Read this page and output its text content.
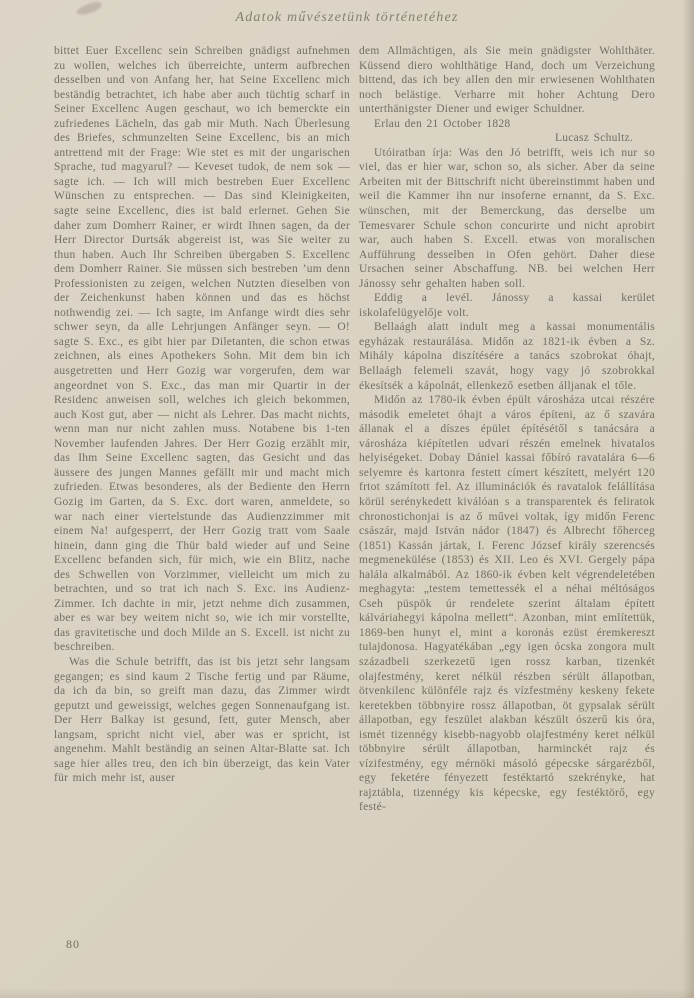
Adatok művészetünk történetéhez

bittet Euer Excellenc sein Schreiben gnädigst aufnehmen zu wollen, welches ich überreichte, unterm aufbrechen desselben und von Anfang her, hat Seine Excellenc mich beständig betrachtet, ich habe aber auch tüchtig scharf in Seiner Excellenc Augen geschaut, wo ich bemerckte ein zufriedenes Lächeln, das gab mir Muth. Nach Überlesung des Briefes, schmunzelten Seine Excellenc, bis an mich antrettend mit der Frage: Wie stet es mit der ungarischen Sprache, tud magyarul? — Keveset tudok, de nem sok — sagte ich. — Ich will mich bestreben Euer Excellenc Wünschen zu entsprechen. — Das sind Kleinigkeiten, sagte seine Excellenc, dies ist bald erlernet. Gehen Sie daher zum Domherr Rainer, er wirdt Ihnen sagen, da der Herr Director Durtsák abgereist ist, was Sie weiter zu thun haben. Auch Ihr Schreiben übergaben S. Excellenc dem Domherr Rainer. Sie müssen sich bestreben ’um denn Professionisten zu zeigen, welchen Nutzten dieselben von der Zeichenkunst haben können und das es höchst nothwendig zei. — Ich sagte, im Anfange wirdt dies sehr schwer seyn, da alle Lehrjungen Anfänger seyn. — O! sagte S. Exc., es gibt hier par Diletanten, die schon etwas zeichnen, als eines Apothekers Sohn. Mit dem bin ich ausgetretten und Herr Gozig war vorgerufen, dem war angeordnet von S. Exc., das man mir Quartir in der Residenc anweisen soll, welches ich gleich bekommen, auch Kost gut, aber — nicht als Lehrer. Das macht nichts, wenn man nur nicht zahlen muss. Notabene bis 1-ten November laufenden Jahres. Der Herr Gozig erzählt mir, das Ihm Seine Excellenc sagten, das Gesicht und das äussere des jungen Mannes gefällt mir und macht mich zufrieden. Etwas besonderes, als der Bediente den Herrn Gozig im Garten, da S. Exc. dort waren, anmeldete, so war nach einer viertelstunde das Audienzzimmer mit einem Na! aufgesperrt, der Herr Gozig tratt vom Saale hinein, dann ging die Thür bald wieder auf und Seine Excellenc befanden sich, für mich, wie ein Blitz, nache des Schwellen von Vorzimmer, vielleicht um mich zu betrachten, und so trat ich nach S. Exc. ins Audienz-Zimmer. Ich dachte in mir, jetzt nehme dich zusammen, aber es war bey weitem nicht so, wie ich mir vorstellte, das gravitetische und doch Milde an S. Excell. ist nicht zu beschreiben.

Was die Schule betrifft, das ist bis jetzt sehr langsam gegangen; es sind kaum 2 Tische fertig und par Räume, da ich da bin, so greift man dazu, das Zimmer wirdt geputzt und geweissigt, welches gegen Sonnenaufgang ist. Der Herr Balkay ist gesund, fett, guter Mensch, aber langsam, spricht nicht viel, aber was er spricht, ist angenehm. Mahlt beständig an seinen Altar-Blatte sat. Ich sage hier alles treu, den ich bin überzeigt, das kein Vater für mich mehr ist, auser

dem Allmächtigen, als Sie mein gnädigster Wohlthäter. Küssend diero wohlthätige Hand, doch um Verzeichung bittend, das ich bey allen den mir erwiesenen Wohlthaten noch belästige. Verharre mit hoher Achtung Dero unterthänigster Diener und ewiger Schuldner.

Erlau den 21 October 1828

Lucasz Schultz.

Utóiratban írja: Was den Jó betrifft, weis ich nur so viel, das er hier war, schon so, als sicher. Aber da seine Arbeiten mit der Bittschrift nicht übereinstimmt haben und weil die Kammer ihn nur insoferne ernannt, da S. Exc. wünschen, mit der Bemerckung, das derselbe um Temesvarer Schule schon concurirte und nicht aprobirt war, auch haben S. Excell. etwas von moralischen Aufführung desselben in Ofen gehört. Daher diese Ursachen seiner Abschaffung. NB. bei welchen Herr Jánossy sehr gehalten haben soll.

Eddig a levél. Jánossy a kassai kerület iskolafelügyelője volt.

Bellaágh alatt indult meg a kassai monumentális egyházak restaurálása. Midőn az 1821-ik évben a Sz. Mihály kápolna diszítésére a tanács szobrokat óhajt, Bellaágh felemeli szavát, hogy vagy jó szobrokkal ékesítsék a kápolnát, ellenkező esetben álljanak el tőle.

Midőn az 1780-ik évben épült városháza utcai részére második emeletet óhajt a város építeni, az ő szavára állanak el a díszes épület építésétől s tanácsára a városháza kiépítetlen udvari részén emelnek hivatalos helyiségeket. Dobay Dániel kassai főbíró ravatalára 6—6 selyemre és kartonra festett címert készített, melyért 120 frtot számított fel. Az illuminációk és ravatalok felállítása körül serénykedett kiválóan s a transparentek és feliratok chronostichonjai is az ő művei voltak, így midőn Ferenc császár, majd István nádor (1847) és Albrecht főherceg (1851) Kassán jártak, I. Ferenc József király szerencsés megmenekülése (1853) és XII. Leo és XVI. Gergely pápa halála alkalmából. Az 1860-ik évben kelt végrendeletében meghagyta: „testem temettessék el a néhai méltóságos Cseh püspök úr rendelete szerint általam épített kálváriahegyi kápolna mellett“. Azonban, mint említettük, 1869-ben hunyt el, mint a koronás ezüst éremkereszt tulajdonosa. Hagyatékában „egy igen ócska zongora mult századbeli szerkezetű igen rossz karban, tizenkét olajfestmény, keret nélkül részben sérült állapotban, ötvenkilenc különféle rajz és vízfestmény keskeny fekete keretekben többnyire rossz állapotban, öt gypsalak sérült állapotban, egy feszület alakban készült ószerű kis óra, ismét tizennégy kisebb-nagyobb olajfestmény keret nélkül többnyire sérült állapotban, harminckét rajz és vízifestmény, egy mérnöki másoló gépecske sárgarézből, egy feketére fényezett festéktartó szekrényke, hat rajztábla, tizennégy kis képecske, egy festéktörő, egy festé-

80
